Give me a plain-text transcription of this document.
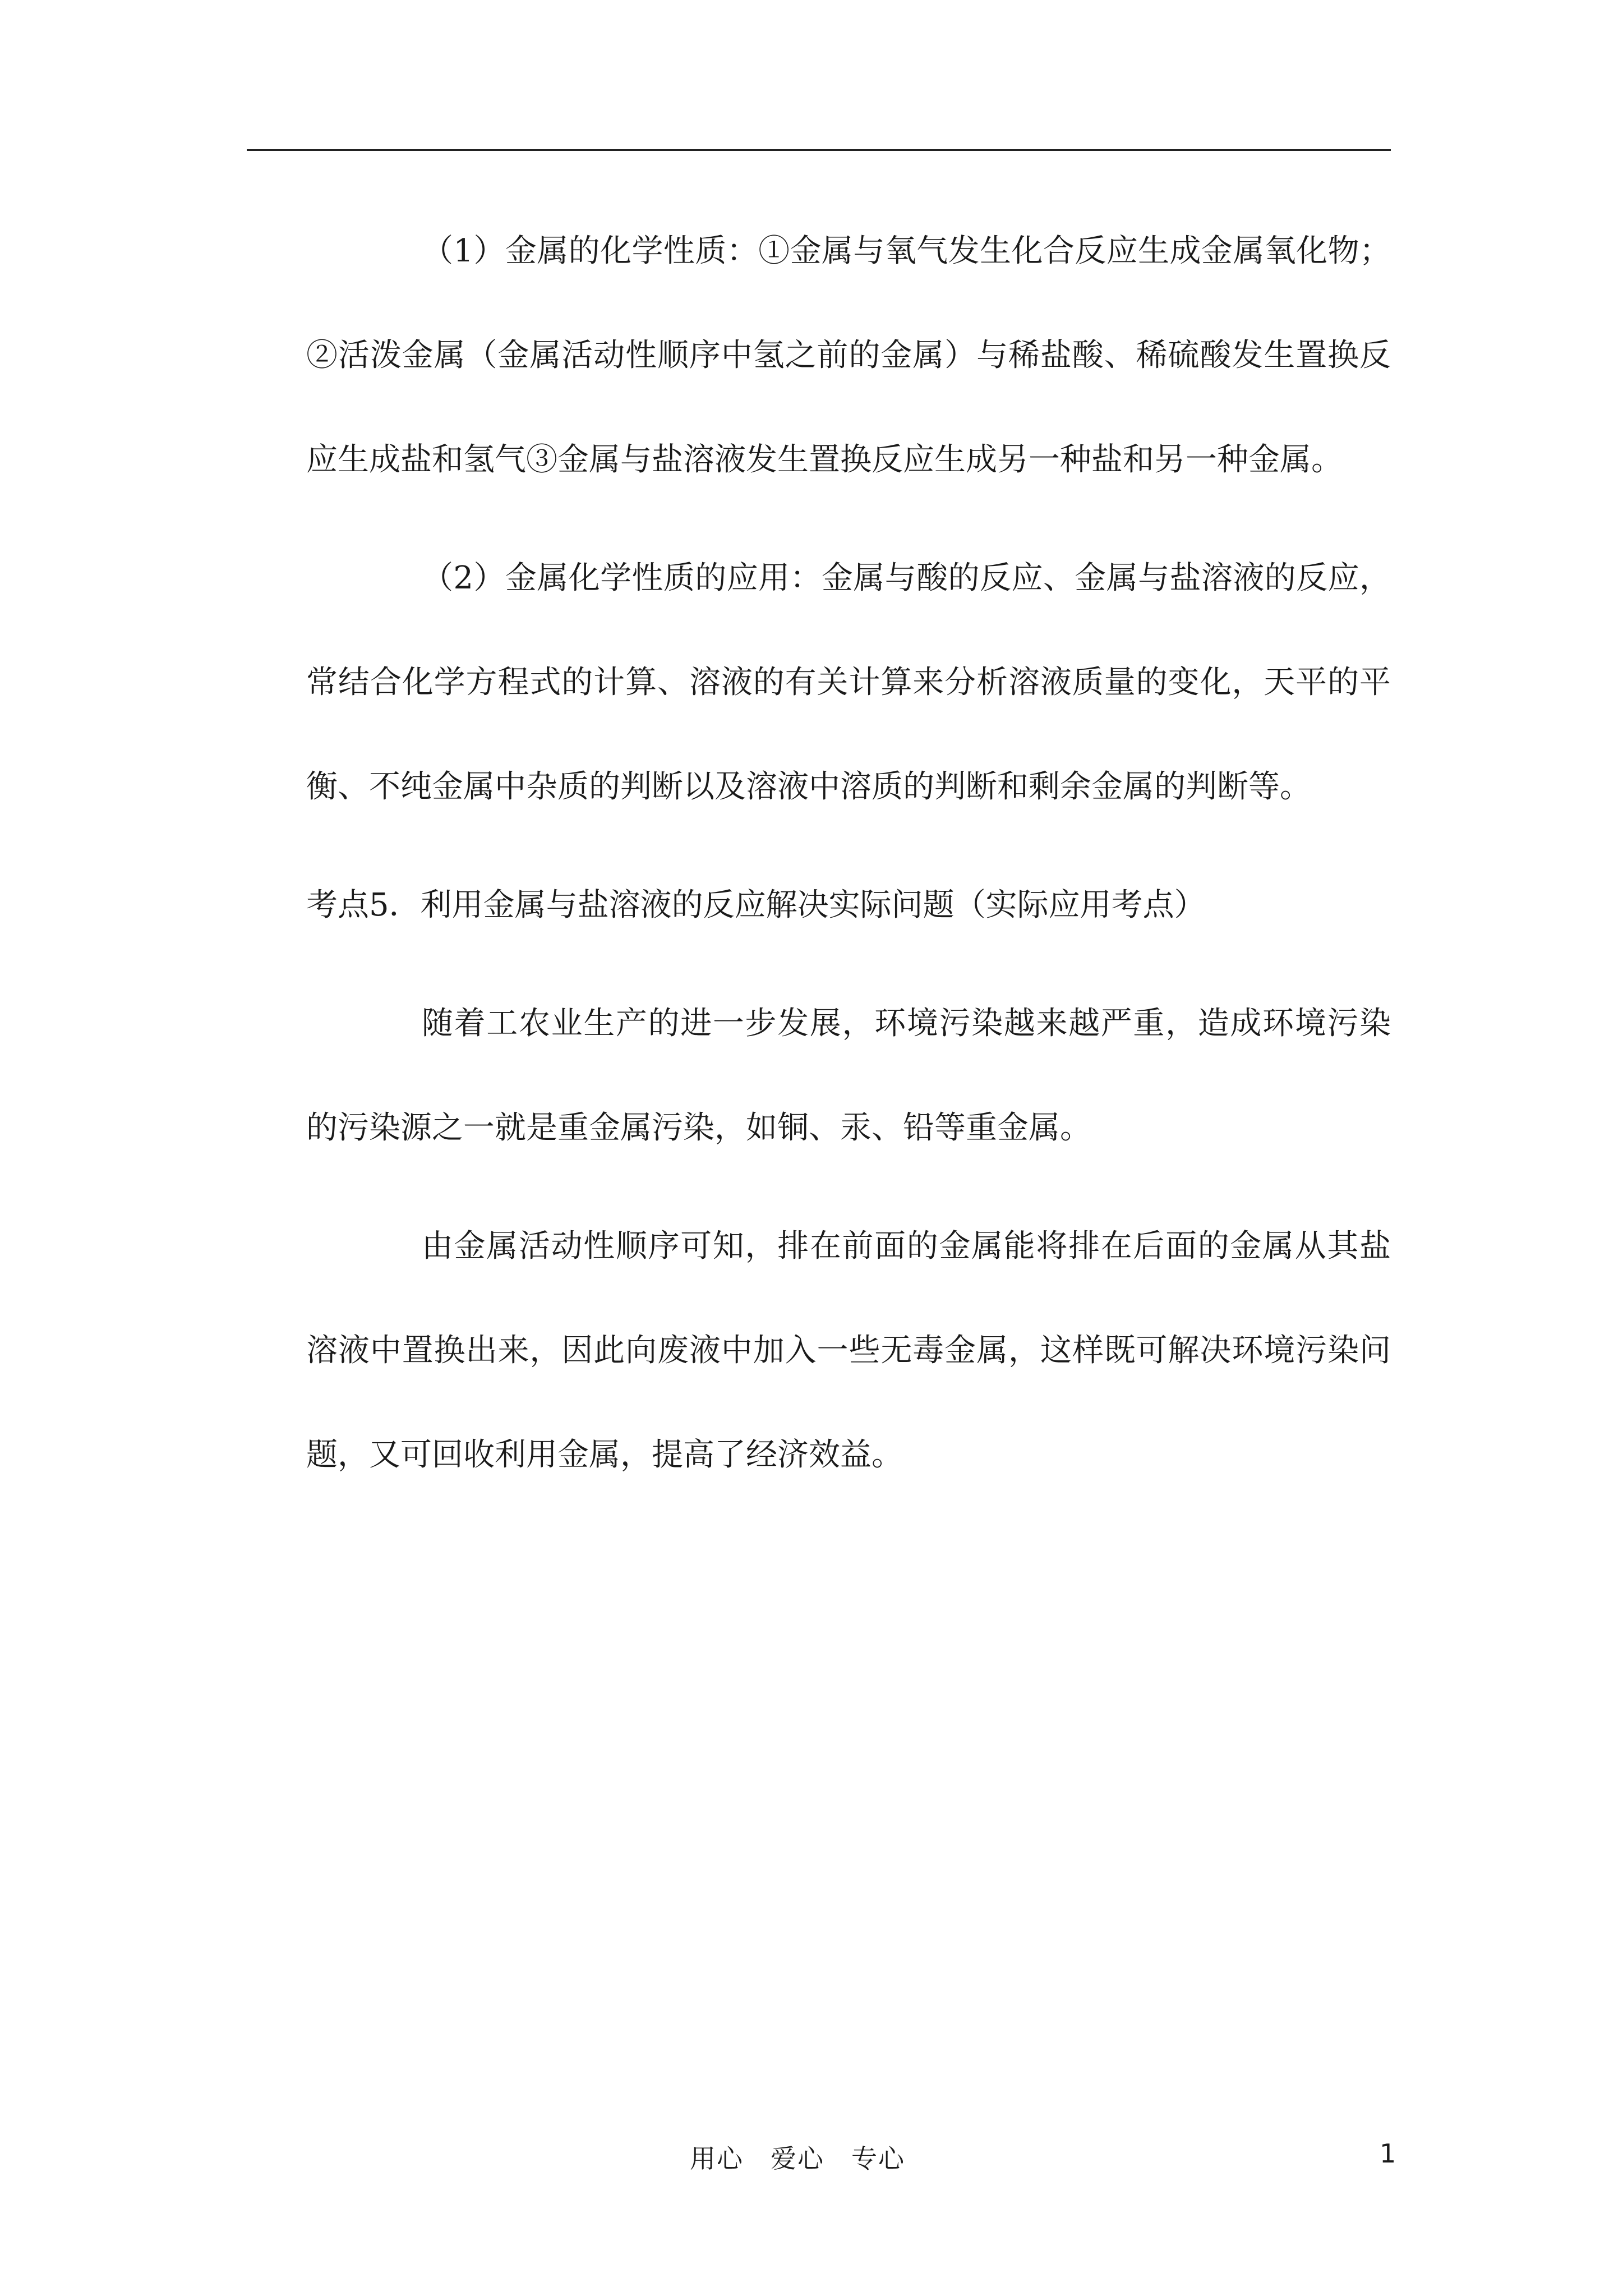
（1）金属的化学性质：①金属与氧气发生化合反应生成金属氧化物；②活泼金属（金属活动性顺序中氢之前的金属）与稀盐酸、稀硫酸发生置换反应生成盐和氢气③金属与盐溶液发生置换反应生成另一种盐和另一种金属。

（2）金属化学性质的应用：金属与酸的反应、金属与盐溶液的反应，常结合化学方程式的计算、溶液的有关计算来分析溶液质量的变化，天平的平衡、不纯金属中杂质的判断以及溶液中溶质的判断和剩余金属的判断等。

考点5．利用金属与盐溶液的反应解决实际问题（实际应用考点）

随着工农业生产的进一步发展，环境污染越来越严重，造成环境污染的污染源之一就是重金属污染，如铜、汞、铅等重金属。

由金属活动性顺序可知，排在前面的金属能将排在后面的金属从其盐溶液中置换出来，因此向废液中加入一些无毒金属，这样既可解决环境污染问题，又可回收利用金属，提高了经济效益。

用心　爱心　专心	1
